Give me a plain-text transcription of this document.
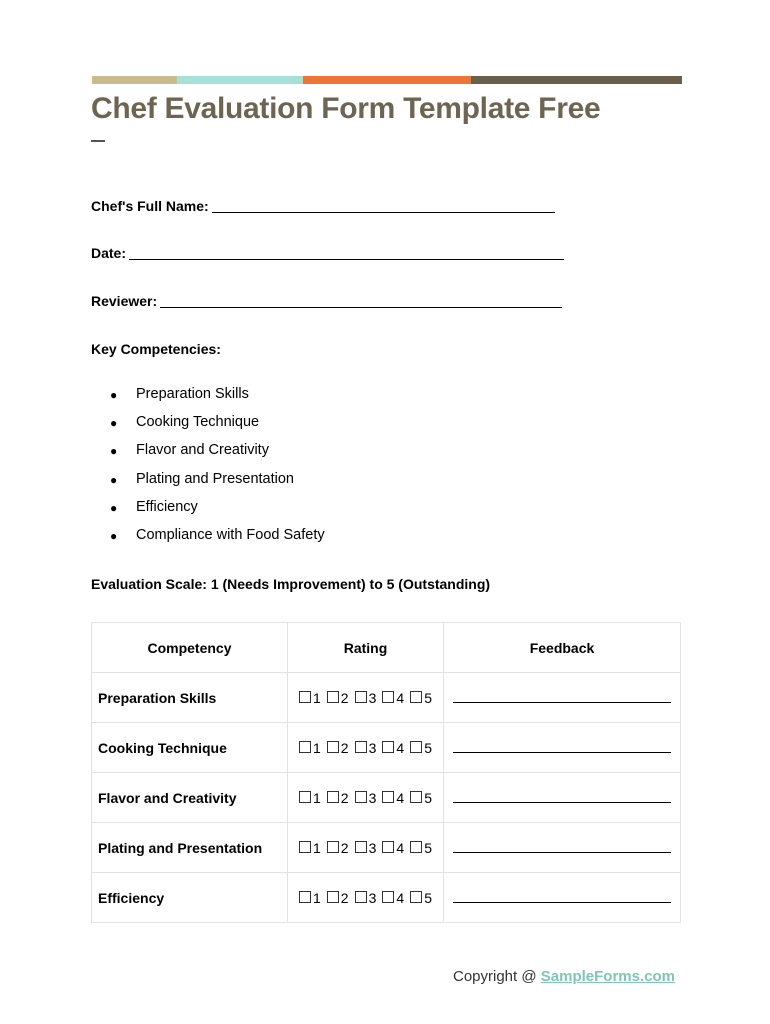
Chef Evaluation Form Template Free
Chef's Full Name:
Date:
Reviewer:
Key Competencies:
●	Preparation Skills
●	Cooking Technique
●	Flavor and Creativity
●	Plating and Presentation
●	Efficiency
●	Compliance with Food Safety
Evaluation Scale: 1 (Needs Improvement) to 5 (Outstanding)
Competency	Rating	Feedback
Preparation Skills	1 2 3 4 5	

Cooking Technique	1 2 3 4 5	

Flavor and Creativity	1 2 3 4 5	

Plating and Presentation	1 2 3 4 5	

Efficiency	1 2 3 4 5	
Copyright @ SampleForms.com
